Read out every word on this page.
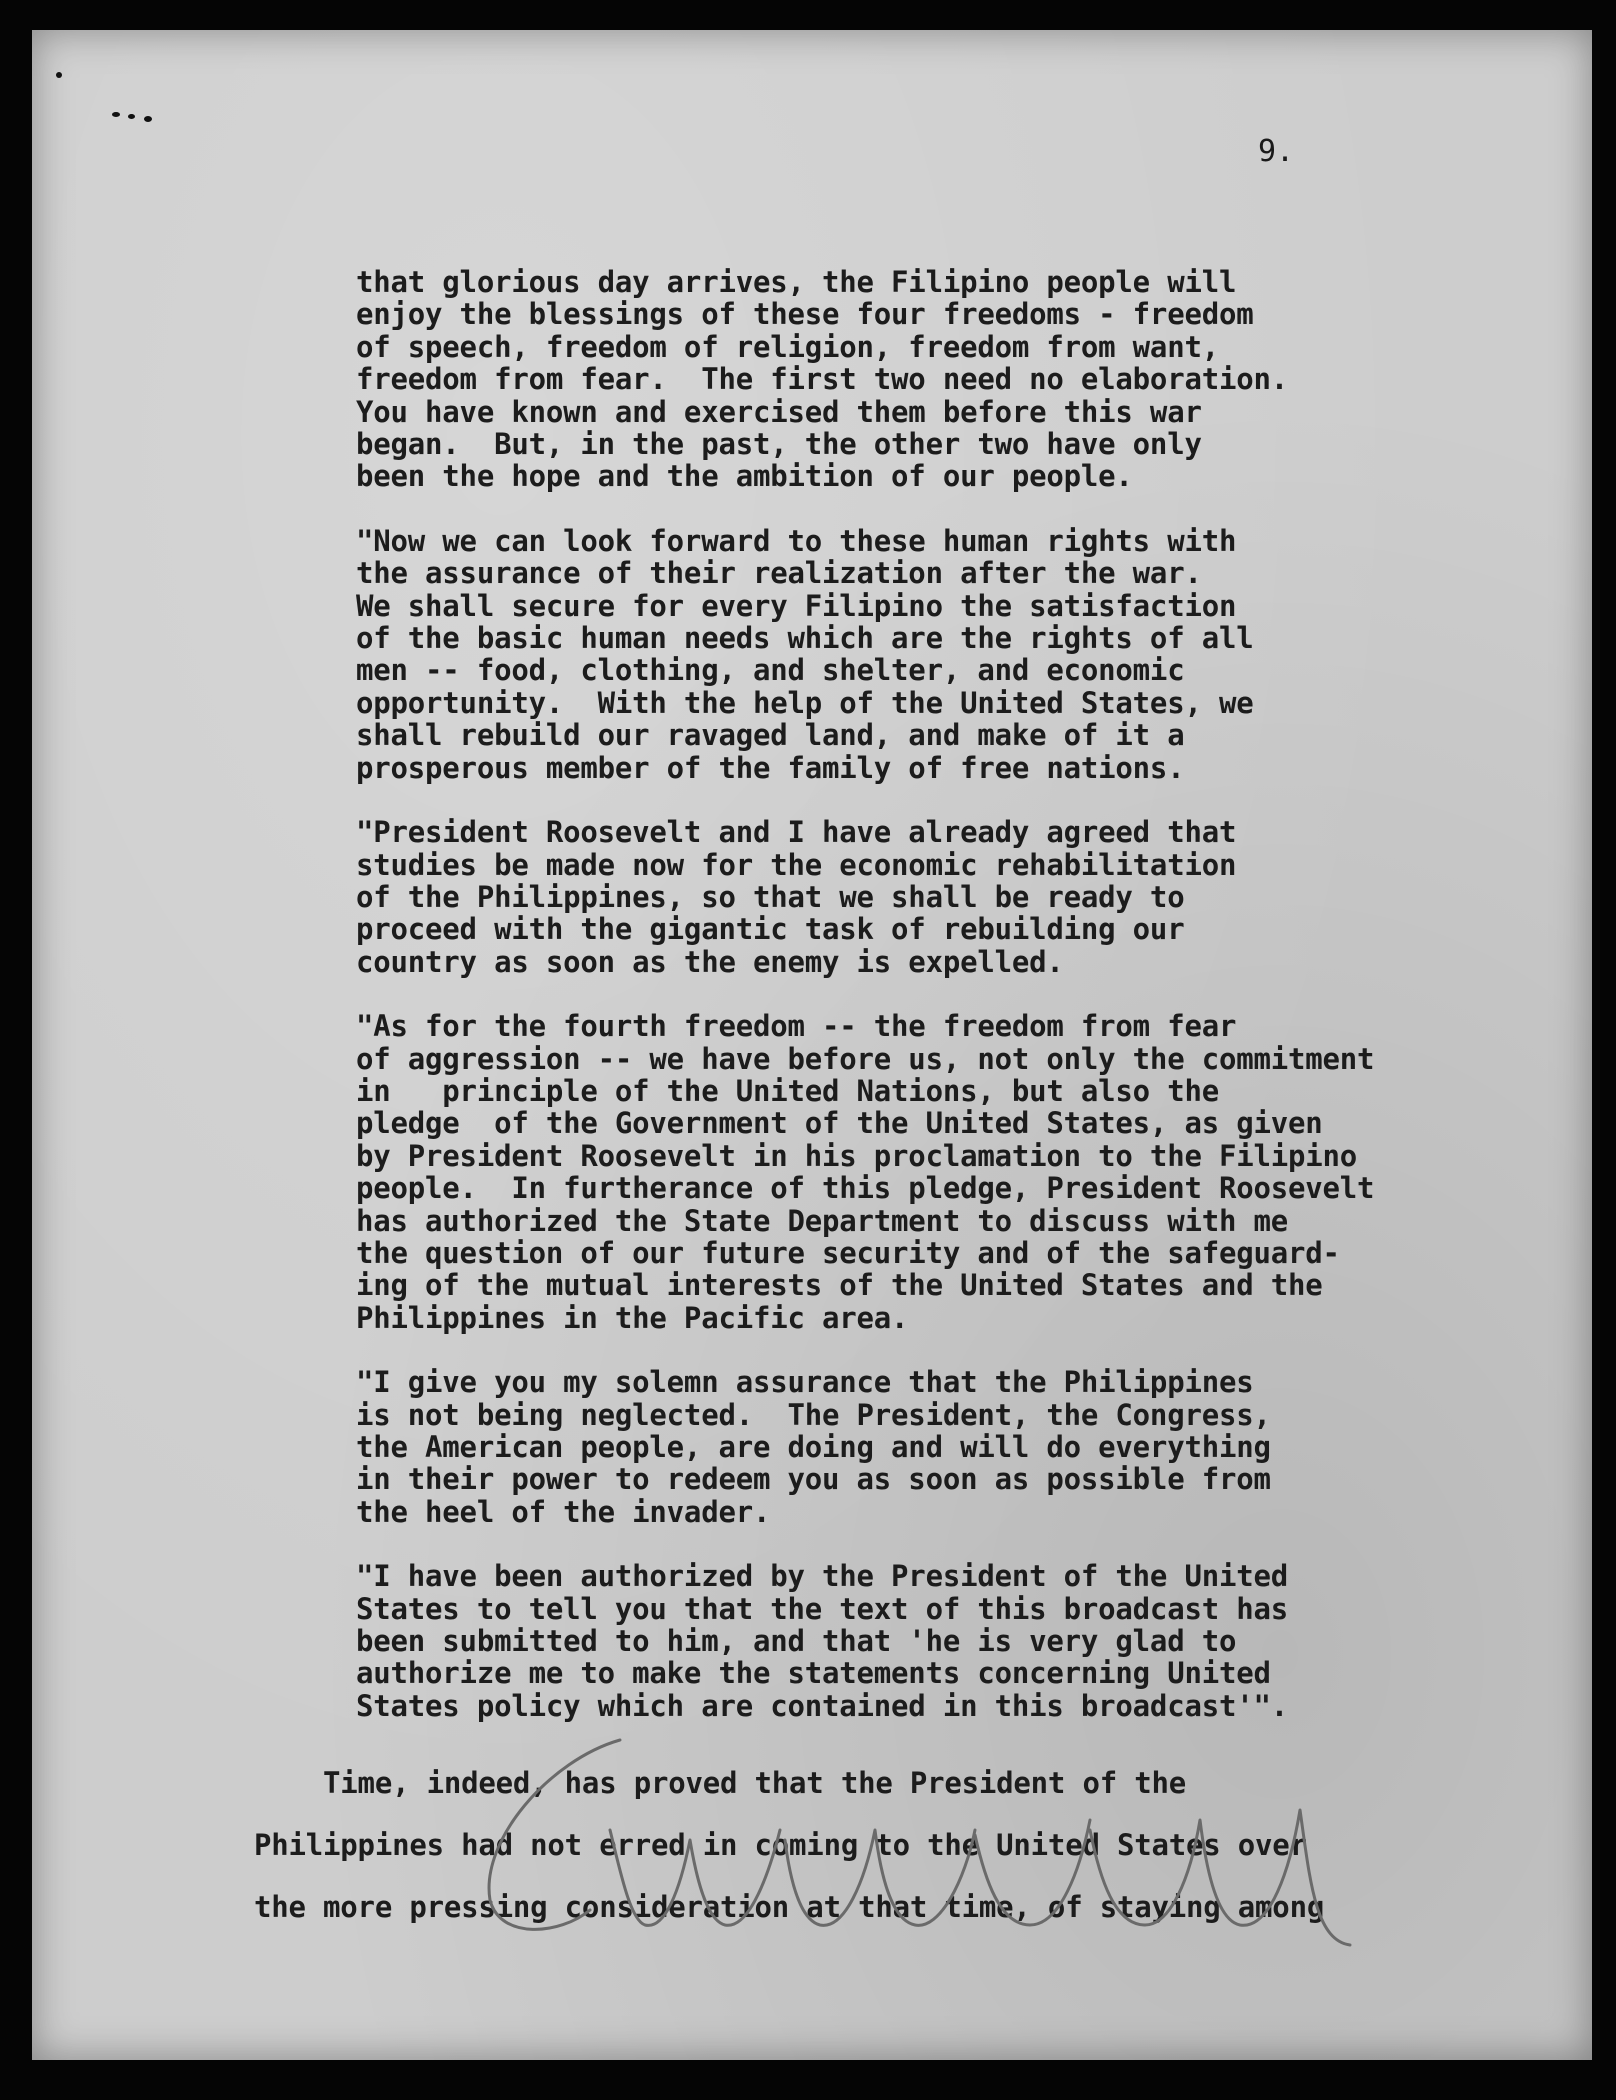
9.

that glorious day arrives, the Filipino people will
enjoy the blessings of these four freedoms - freedom
of speech, freedom of religion, freedom from want,
freedom from fear.  The first two need no elaboration.
You have known and exercised them before this war
began.  But, in the past, the other two have only
been the hope and the ambition of our people.
"Now we can look forward to these human rights with
the assurance of their realization after the war.
We shall secure for every Filipino the satisfaction
of the basic human needs which are the rights of all
men -- food, clothing, and shelter, and economic
opportunity.  With the help of the United States, we
shall rebuild our ravaged land, and make of it a
prosperous member of the family of free nations.
"President Roosevelt and I have already agreed that
studies be made now for the economic rehabilitation
of the Philippines, so that we shall be ready to
proceed with the gigantic task of rebuilding our
country as soon as the enemy is expelled.
"As for the fourth freedom -- the freedom from fear
of aggression -- we have before us, not only the commitment
in   principle of the United Nations, but also the
pledge  of the Government of the United States, as given
by President Roosevelt in his proclamation to the Filipino
people.  In furtherance of this pledge, President Roosevelt
has authorized the State Department to discuss with me
the question of our future security and of the safeguard-
ing of the mutual interests of the United States and the
Philippines in the Pacific area.
"I give you my solemn assurance that the Philippines
is not being neglected.  The President, the Congress,
the American people, are doing and will do everything
in their power to redeem you as soon as possible from
the heel of the invader.
"I have been authorized by the President of the United
States to tell you that the text of this broadcast has
been submitted to him, and that 'he is very glad to
authorize me to make the statements concerning United
States policy which are contained in this broadcast'".
Time, indeed, has proved that the President of the
Philippines had not erred in coming to the United States over
the more pressing consideration at that time, of staying among
